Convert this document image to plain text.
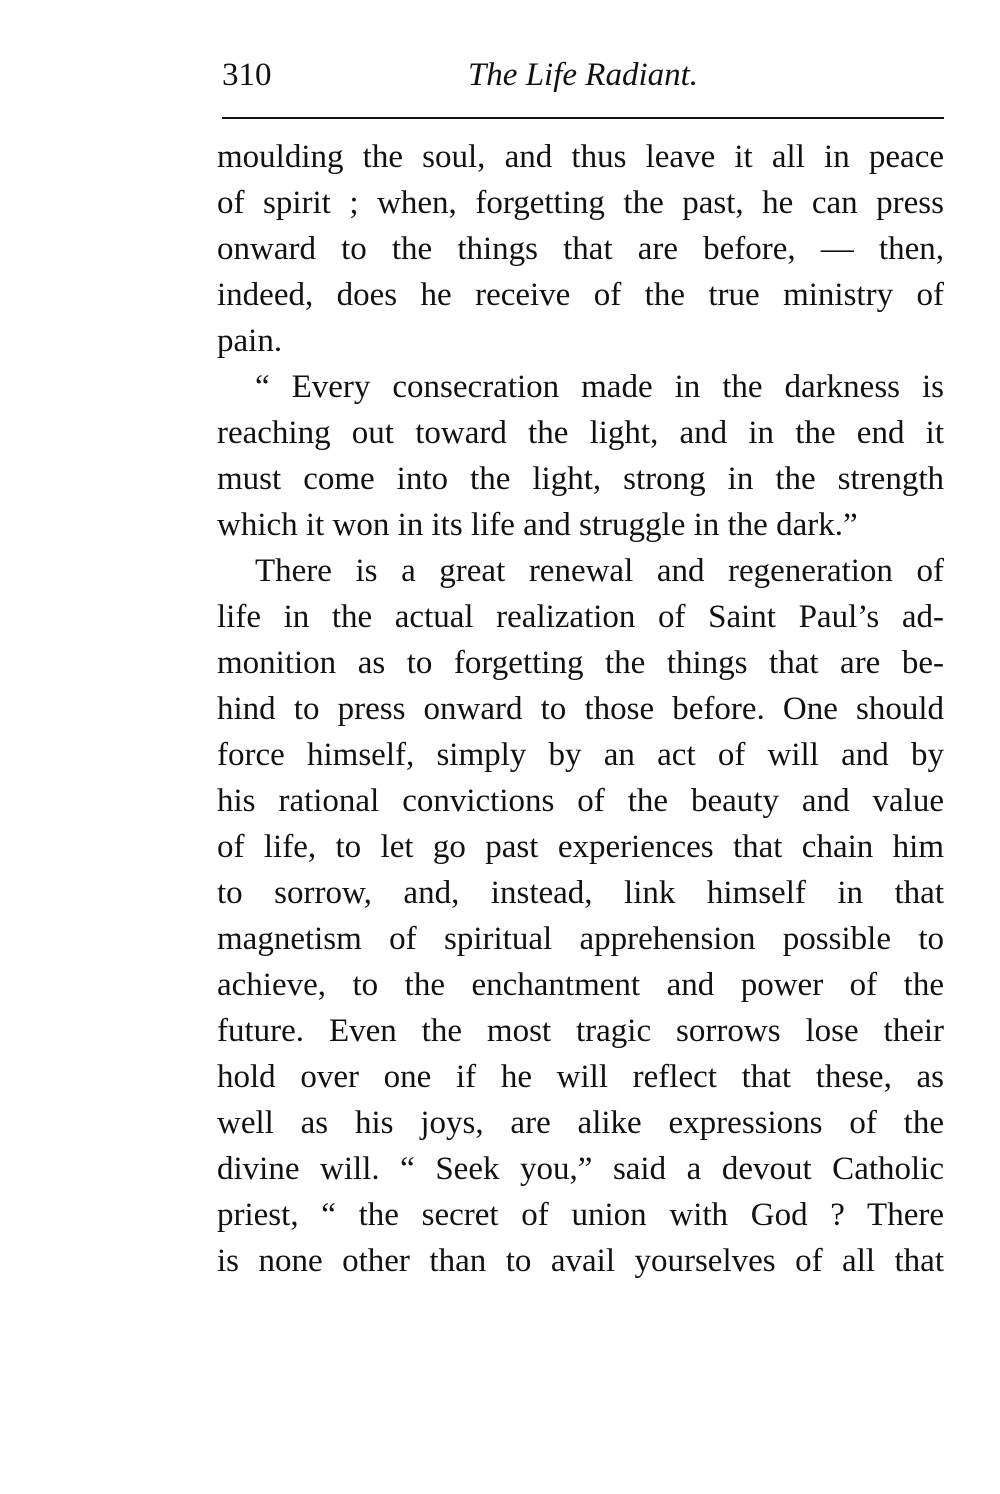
310	The Life Radiant.
moulding the soul, and thus leave it all in peace
of spirit ; when, forgetting the past, he can press
onward to the things that are before, — then,
indeed, does he receive of the true ministry of
pain.
“ Every consecration made in the darkness is
reaching out toward the light, and in the end it
must come into the light, strong in the strength
which it won in its life and struggle in the dark.”
There is a great renewal and regeneration of
life in the actual realization of Saint Paul’s ad-
monition as to forgetting the things that are be-
hind to press onward to those before. One should
force himself, simply by an act of will and by
his rational convictions of the beauty and value
of life, to let go past experiences that chain him
to sorrow, and, instead, link himself in that
magnetism of spiritual apprehension possible to
achieve, to the enchantment and power of the
future. Even the most tragic sorrows lose their
hold over one if he will reflect that these, as
well as his joys, are alike expressions of the
divine will. “ Seek you,” said a devout Catholic
priest, “ the secret of union with God ? There
is none other than to avail yourselves of all that
